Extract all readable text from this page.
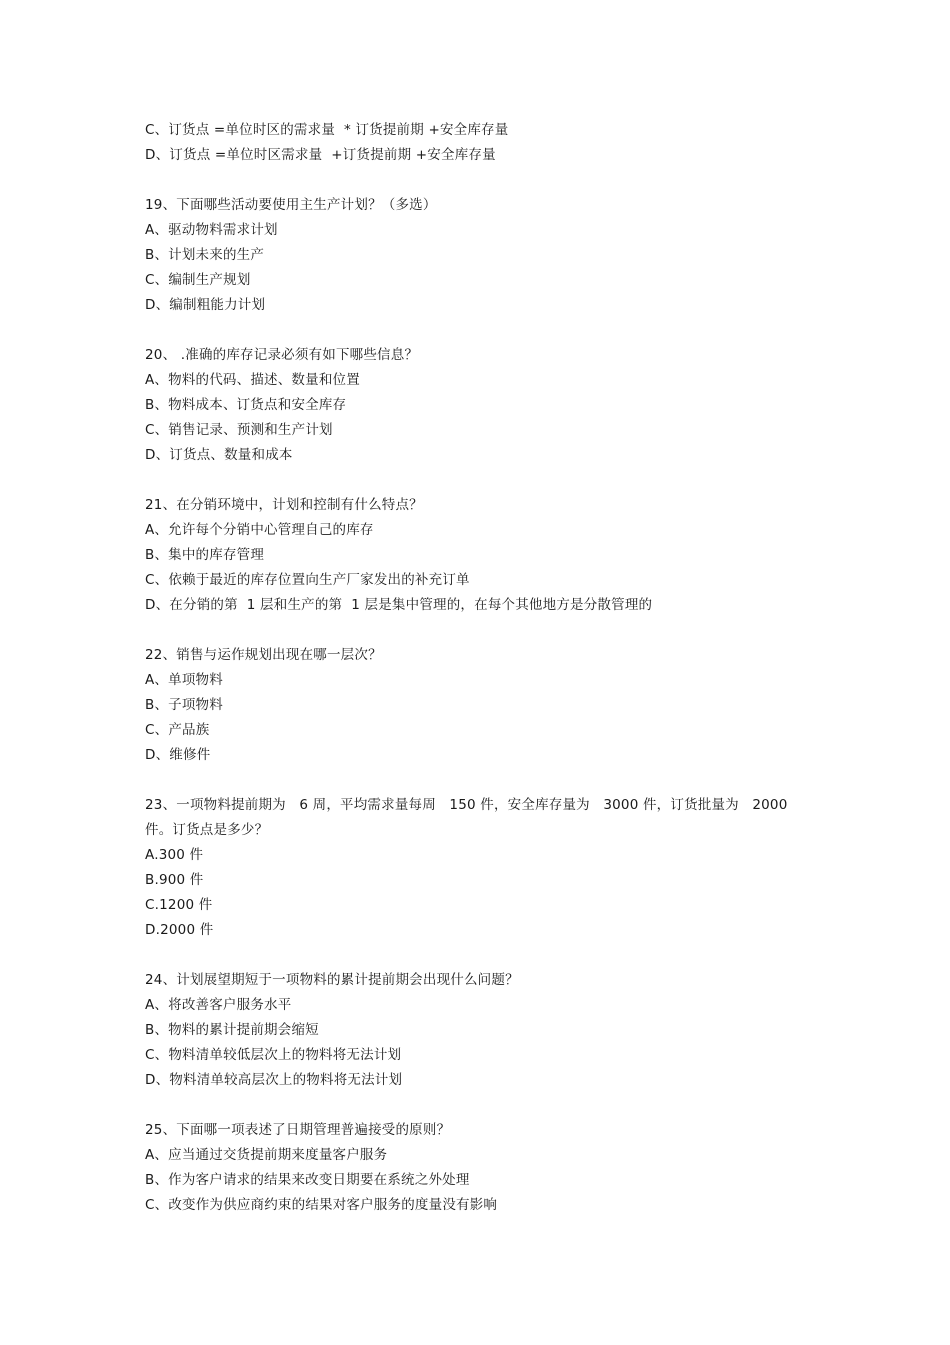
C、订货点 =单位时区的需求量  * 订货提前期 +安全库存量
D、订货点 =单位时区需求量  +订货提前期 +安全库存量
19、下面哪些活动要使用主生产计划？（多选）
A、驱动物料需求计划
B、计划未来的生产
C、编制生产规划
D、编制粗能力计划
20、 .准确的库存记录必须有如下哪些信息？
A、物料的代码、描述、数量和位置
B、物料成本、订货点和安全库存
C、销售记录、预测和生产计划
D、订货点、数量和成本
21、在分销环境中，计划和控制有什么特点？
A、允许每个分销中心管理自己的库存
B、集中的库存管理
C、依赖于最近的库存位置向生产厂家发出的补充订单
D、在分销的第  1 层和生产的第  1 层是集中管理的，在每个其他地方是分散管理的
22、销售与运作规划出现在哪一层次？
A、单项物料
B、子项物料
C、产品族
D、维修件
23、一项物料提前期为   6 周，平均需求量每周   150 件，安全库存量为   3000 件，订货批量为   2000
件。订货点是多少？
A.300 件
B.900 件
C.1200 件
D.2000 件
24、计划展望期短于一项物料的累计提前期会出现什么问题？
A、将改善客户服务水平
B、物料的累计提前期会缩短
C、物料清单较低层次上的物料将无法计划
D、物料清单较高层次上的物料将无法计划
25、下面哪一项表述了日期管理普遍接受的原则？
A、应当通过交货提前期来度量客户服务
B、作为客户请求的结果来改变日期要在系统之外处理
C、改变作为供应商约束的结果对客户服务的度量没有影响
